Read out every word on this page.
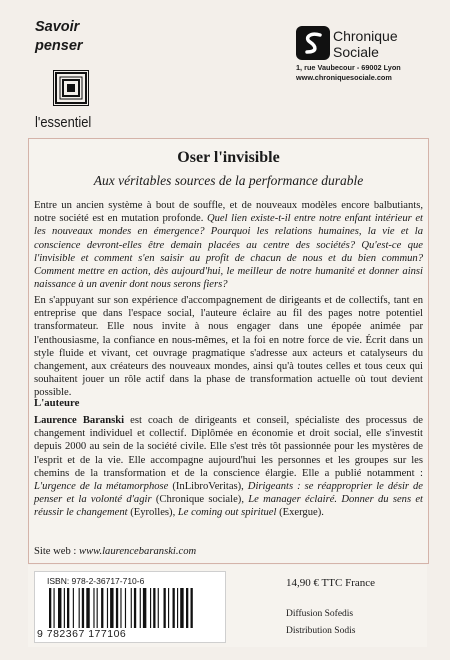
Savoir
penser
l'essentiel
Chronique
Sociale
1, rue Vaubecour - 69002 Lyon
www.chroniquesociale.com
Oser l'invisible
Aux véritables sources de la performance durable
Entre un ancien système à bout de souffle, et de nouveaux modèles encore balbutiants, notre société est en mutation profonde. Quel lien existe-t-il entre notre enfant intérieur et les nouveaux mondes en émergence? Pourquoi les relations humaines, la vie et la conscience devront-elles être demain placées au centre des sociétés? Qu'est-ce que l'invisible et comment s'en saisir au profit de chacun de nous et du bien commun? Comment mettre en action, dès aujourd'hui, le meilleur de notre humanité et donner ainsi naissance à un avenir dont nous serons fiers?
En s'appuyant sur son expérience d'accompagnement de dirigeants et de collectifs, tant en entreprise que dans l'espace social, l'auteure éclaire au fil des pages notre potentiel transformateur. Elle nous invite à nous engager dans une épopée animée par l'enthousiasme, la confiance en nous-mêmes, et la foi en notre force de vie. Écrit dans un style fluide et vivant, cet ouvrage pragmatique s'adresse aux acteurs et catalyseurs du changement, aux créateurs des nouveaux mondes, ainsi qu'à toutes celles et tous ceux qui souhaitent jouer un rôle actif dans la phase de transformation actuelle où tout devient possible.
L'auteure
Laurence Baranski est coach de dirigeants et conseil, spécialiste des processus de changement individuel et collectif. Diplômée en économie et droit social, elle s'investit depuis 2000 au sein de la société civile. Elle s'est très tôt passionnée pour les mystères de l'esprit et de la vie. Elle accompagne aujourd'hui les personnes et les groupes sur les chemins de la transformation et de la conscience élargie. Elle a publié notamment : L'urgence de la métamorphose (InLibroVeritas), Dirigeants : se réapproprier le désir de penser et la volonté d'agir (Chronique sociale), Le manager éclairé. Donner du sens et réussir le changement (Eyrolles), Le coming out spirituel (Exergue).
Site web : www.laurencebaranski.com
ISBN: 978-2-36717-710-6
9 782367 177106
14,90 € TTC France
Diffusion Sofedis
Distribution Sodis
